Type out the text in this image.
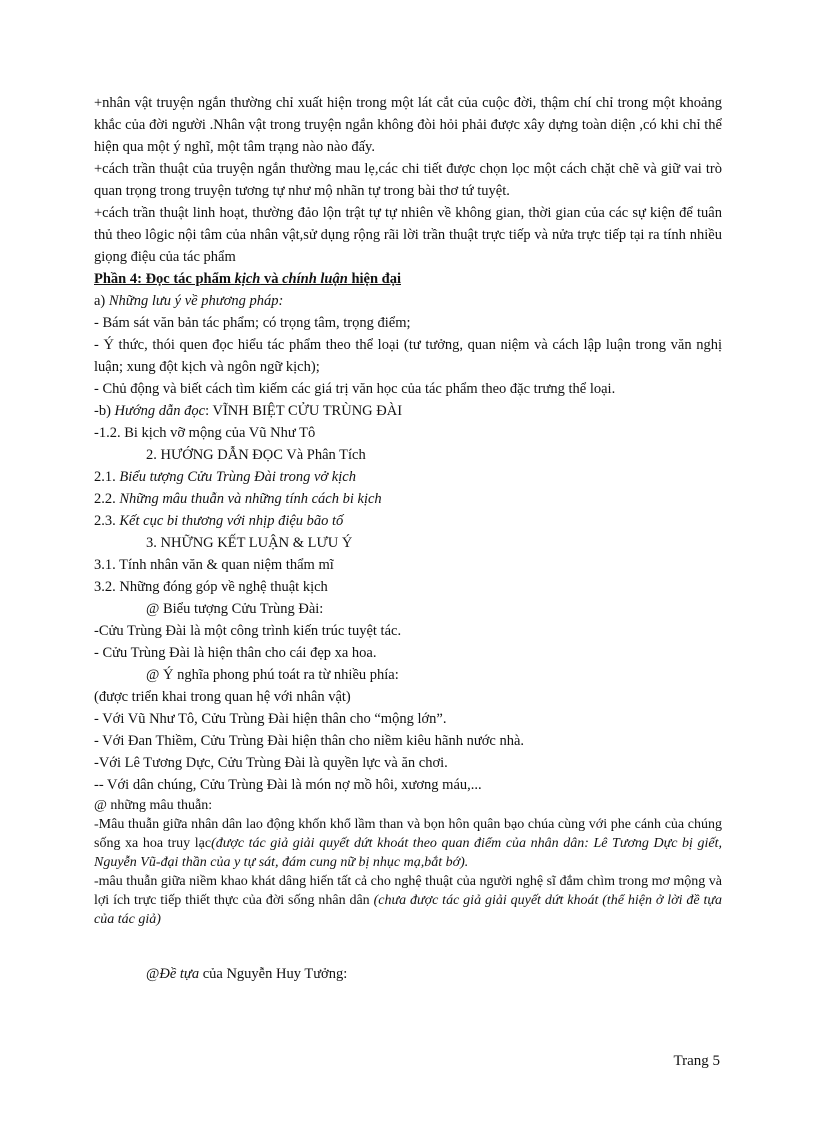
+nhân vật truyện ngắn thường chỉ xuất hiện trong một lát cắt của cuộc đời, thậm chí chỉ trong một khoảng khắc của đời người .Nhân vật trong truyện ngắn không đòi hỏi phải được xây dựng toàn diện ,có khi chỉ thể hiện qua một ý nghĩ, một tâm trạng nào nào đấy.

+cách trần thuật của truyện ngắn thường mau lẹ,các chi tiết được chọn lọc một cách chặt chẽ và giữ vai trò quan trọng trong truyện tương tự như mộ nhãn tự trong bài thơ tứ tuyệt.

+cách trần thuật linh hoạt, thường đảo lộn trật tự tự nhiên về không gian, thời gian của các sự kiện để tuân thủ theo lôgic nội tâm của nhân vật,sử dụng rộng rãi lời trần thuật trực tiếp và nửa trực tiếp tại ra tính nhiều giọng điệu của tác phẩm

Phần 4: Đọc tác phẩm kịch và chính luận hiện đại

a) Những lưu ý về phương pháp:

- Bám sát văn bản tác phẩm; có trọng tâm, trọng điểm;

- Ý thức, thói quen đọc hiểu tác phẩm theo thể loại (tư tưởng, quan niệm và cách lập luận trong văn nghị luận; xung đột kịch và ngôn ngữ kịch);

- Chủ động và biết cách tìm kiếm các giá trị văn học của tác phẩm theo đặc trưng thể loại.

-b) Hướng dẫn đọc: VĨNH BIỆT CỬU TRÙNG ĐÀI

-1.2. Bi kịch vỡ mộng của Vũ Như Tô

2. HƯỚNG DẪN ĐỌC Và Phân Tích

2.1. Biểu tượng Cửu Trùng Đài trong vở kịch

2.2. Những mâu thuẫn và những tính cách bi kịch

2.3. Kết cục bi thương với nhịp điệu bão tố

3. NHỮNG KẾT LUẬN & LƯU Ý

3.1. Tính nhân văn & quan niệm thẩm mĩ

3.2. Những đóng góp về nghệ thuật kịch

@ Biểu tượng Cửu Trùng Đài:

-Cửu Trùng Đài là một công trình kiến trúc tuyệt tác.

- Cửu Trùng Đài là hiện thân cho cái đẹp xa hoa.

@ Ý nghĩa phong phú toát ra từ nhiều phía:

(được triển khai trong quan hệ với nhân vật)

- Với Vũ Như Tô, Cửu Trùng Đài hiện thân cho “mộng lớn”.

- Với Đan Thiềm, Cửu Trùng Đài hiện thân cho niềm kiêu hãnh nước nhà.

-Với Lê Tương Dực, Cửu Trùng Đài là quyền lực và ăn chơi.

-- Với dân chúng, Cửu Trùng Đài là món nợ mồ hôi, xương máu,...

@ những mâu thuẫn:

-Mâu thuẫn giữa nhân dân lao động khốn khổ lầm than và bọn hôn quân bạo chúa cùng với phe cánh của chúng sống xa hoa truy lạc(được tác giả giải quyết dứt khoát theo quan điểm của nhân dân: Lê Tương Dực bị giết, Nguyễn Vũ-đại thần của y tự sát, đám cung nữ bị nhục mạ,bắt bớ).

-mâu thuẫn giữa niềm khao khát dâng hiến tất cả cho nghệ thuật của người nghệ sĩ đắm chìm trong mơ mộng và lợi ích trực tiếp thiết thực của đời sống nhân dân (chưa được tác giả giải quyết dứt khoát (thể hiện ở lời đề tựa của tác giả)

@Đề tựa của Nguyễn Huy Tưởng:

Trang 5
